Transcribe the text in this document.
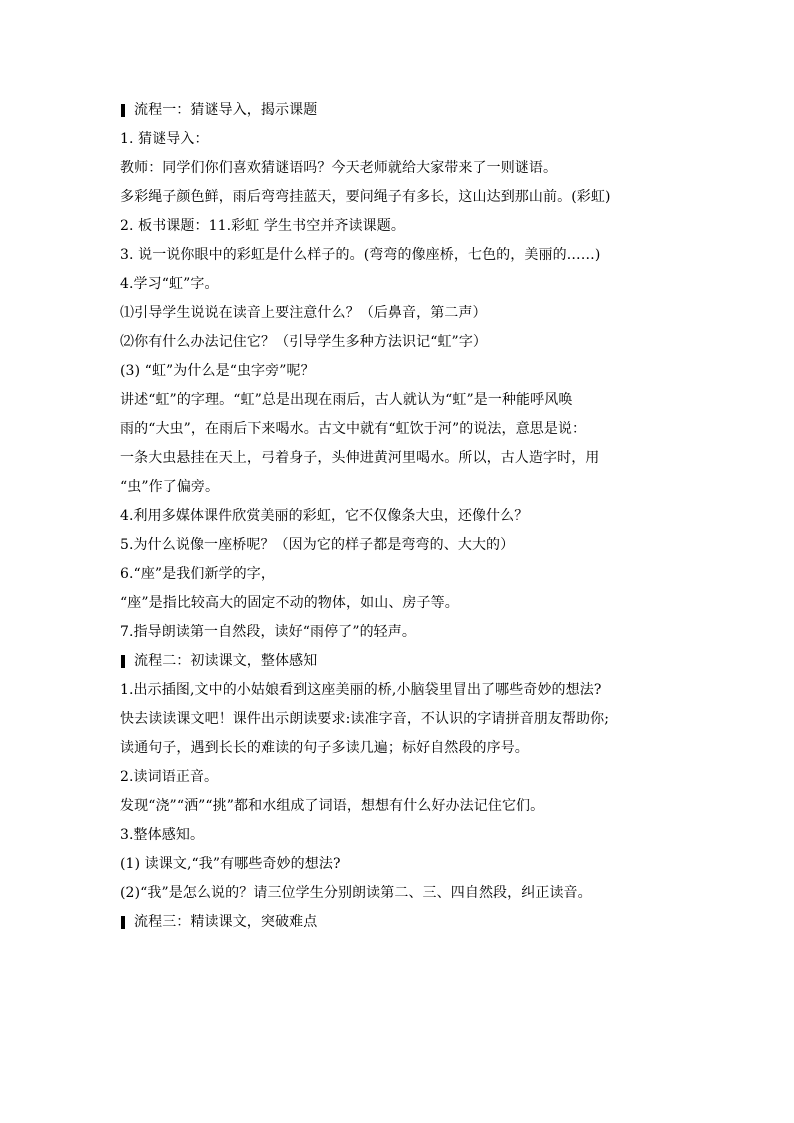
流程一：猜谜导入，揭示课题
1. 猜谜导入：
教师：同学们你们喜欢猜谜语吗？今天老师就给大家带来了一则谜语。
多彩绳子颜色鲜，雨后弯弯挂蓝天，要问绳子有多长，这山达到那山前。(彩虹)
2. 板书课题：11.彩虹 学生书空并齐读课题。
3. 说一说你眼中的彩虹是什么样子的。(弯弯的像座桥，七色的，美丽的……)
4.学习“虹”字。
⑴引导学生说说在读音上要注意什么？（后鼻音，第二声）
⑵你有什么办法记住它？（引导学生多种方法识记“虹”字）
(3) “虹”为什么是“虫字旁”呢？
讲述“虹”的字理。“虹”总是出现在雨后，古人就认为“虹”是一种能呼风唤
雨的“大虫”，在雨后下来喝水。古文中就有“虹饮于河”的说法，意思是说：
一条大虫悬挂在天上，弓着身子，头伸进黄河里喝水。所以，古人造字时，用
“虫”作了偏旁。
4.利用多媒体课件欣赏美丽的彩虹，它不仅像条大虫，还像什么？
5.为什么说像一座桥呢？（因为它的样子都是弯弯的、大大的）
6.“座”是我们新学的字，
“座”是指比较高大的固定不动的物体，如山、房子等。
7.指导朗读第一自然段，读好“雨停了”的轻声。
流程二：初读课文，整体感知
1.出示插图,文中的小姑娘看到这座美丽的桥,小脑袋里冒出了哪些奇妙的想法?
快去读读课文吧！课件出示朗读要求:读准字音，不认识的字请拼音朋友帮助你;
读通句子，遇到长长的难读的句子多读几遍；标好自然段的序号。
2.读词语正音。
发现“浇”“洒”“挑”都和水组成了词语，想想有什么好办法记住它们。
3.整体感知。
(1) 读课文,“我”有哪些奇妙的想法?
(2)“我”是怎么说的？请三位学生分别朗读第二、三、四自然段，纠正读音。
流程三：精读课文，突破难点
